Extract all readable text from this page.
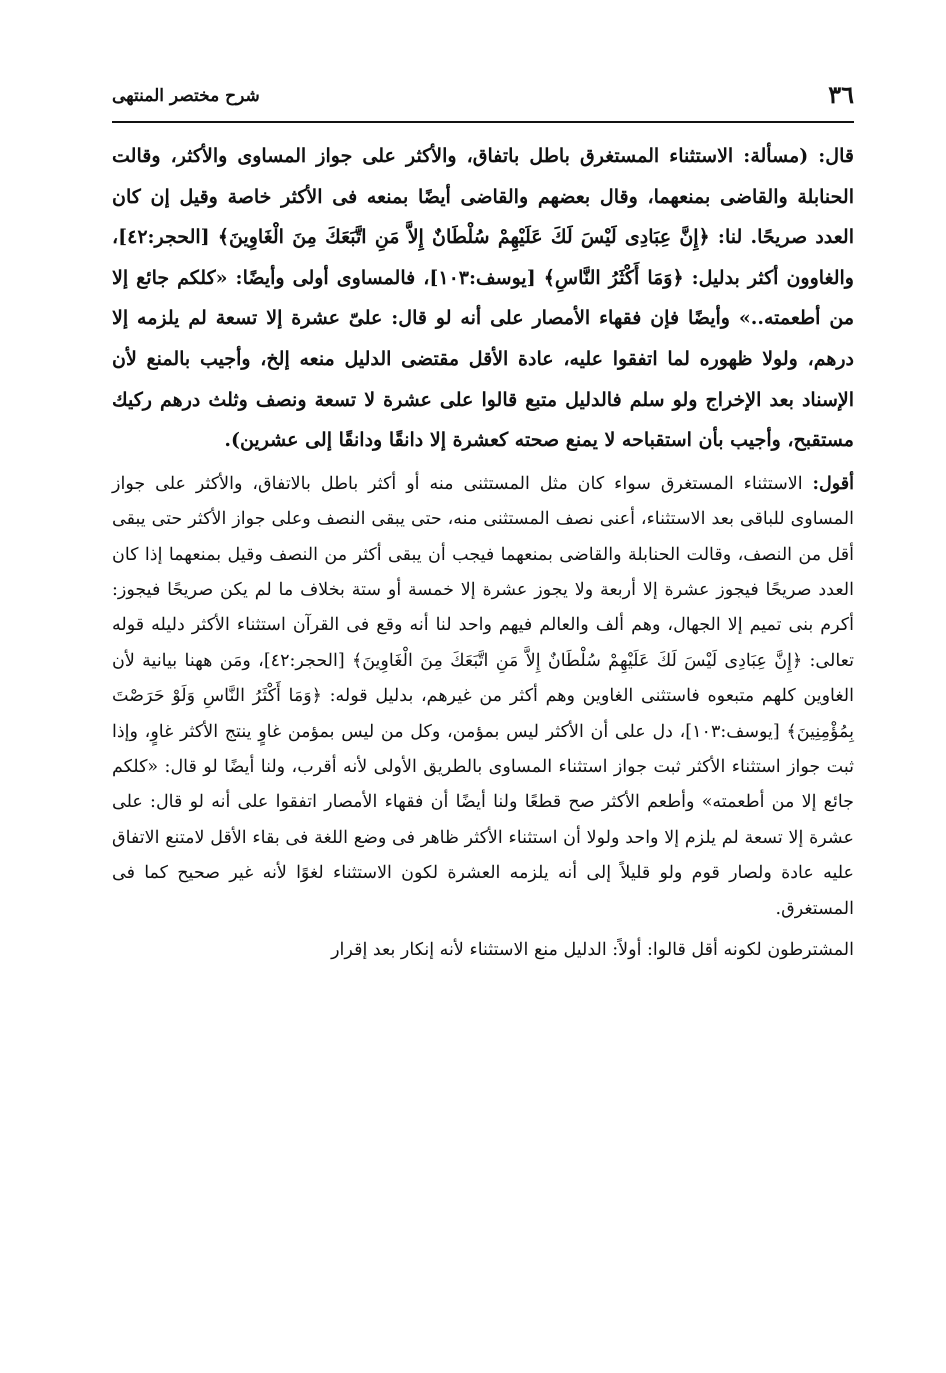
٣٦
شرح مختصر المنتهى

قال: (مسألة: الاستثناء المستغرق باطل باتفاق، والأكثر على جواز المساوى والأكثر، وقالت الحنابلة والقاضى بمنعهما، وقال بعضهم والقاضى أيضًا بمنعه فى الأكثر خاصة وقيل إن كان العدد صريحًا. لنا: ﴿إِنَّ عِبَادِى لَيْسَ لَكَ عَلَيْهِمْ سُلْطَانٌ إِلاَّ مَنِ اتَّبَعَكَ مِنَ الْغَاوِينَ﴾ [الحجر:٤٢]، والغاوون أكثر بدليل: ﴿وَمَا أَكْثَرُ النَّاسِ﴾ [يوسف:١٠٣]، فالمساوى أولى وأيضًا: «كلكم جائع إلا من أطعمته..» وأيضًا فإن فقهاء الأمصار على أنه لو قال: علىّ عشرة إلا تسعة لم يلزمه إلا درهم، ولولا ظهوره لما اتفقوا عليه، عادة الأقل مقتضى الدليل منعه إلخ، وأجيب بالمنع لأن الإسناد بعد الإخراج ولو سلم فالدليل متبع قالوا على عشرة لا تسعة ونصف وثلث درهم ركيك مستقبح، وأجيب بأن استقباحه لا يمنع صحته كعشرة إلا دانقًا ودانقًا إلى عشرين).

أقول: الاستثناء المستغرق سواء كان مثل المستثنى منه أو أكثر باطل بالاتفاق، والأكثر على جواز المساوى للباقى بعد الاستثناء، أعنى نصف المستثنى منه، حتى يبقى النصف وعلى جواز الأكثر حتى يبقى أقل من النصف، وقالت الحنابلة والقاضى بمنعهما فيجب أن يبقى أكثر من النصف وقيل بمنعهما إذا كان العدد صريحًا فيجوز عشرة إلا أربعة ولا يجوز عشرة إلا خمسة أو ستة بخلاف ما لم يكن صريحًا فيجوز: أكرم بنى تميم إلا الجهال، وهم ألف والعالم فيهم واحد لنا أنه وقع فى القرآن استثناء الأكثر دليله قوله تعالى: ﴿إِنَّ عِبَادِى لَيْسَ لَكَ عَلَيْهِمْ سُلْطَانٌ إِلاَّ مَنِ اتَّبَعَكَ مِنَ الْغَاوِينَ﴾ [الحجر:٤٢]، ومَن ههنا بيانية لأن الغاوين كلهم متبعوه فاستثنى الغاوين وهم أكثر من غيرهم، بدليل قوله: ﴿وَمَا أَكْثَرُ النَّاسِ وَلَوْ حَرَصْتَ بِمُؤْمِنِينَ﴾ [يوسف:١٠٣]، دل على أن الأكثر ليس بمؤمن، وكل من ليس بمؤمن غاوٍ ينتج الأكثر غاوٍ، وإذا ثبت جواز استثناء الأكثر ثبت جواز استثناء المساوى بالطريق الأولى لأنه أقرب، ولنا أيضًا لو قال: «كلكم جائع إلا من أطعمته» وأطعم الأكثر صح قطعًا ولنا أيضًا أن فقهاء الأمصار اتفقوا على أنه لو قال: على عشرة إلا تسعة لم يلزم إلا واحد ولولا أن استثناء الأكثر ظاهر فى وضع اللغة فى بقاء الأقل لامتنع الاتفاق عليه عادة ولصار قوم ولو قليلاً إلى أنه يلزمه العشرة لكون الاستثناء لغوًا لأنه غير صحيح كما فى المستغرق.

المشترطون لكونه أقل قالوا: أولاً: الدليل منع الاستثناء لأنه إنكار بعد إقرار
